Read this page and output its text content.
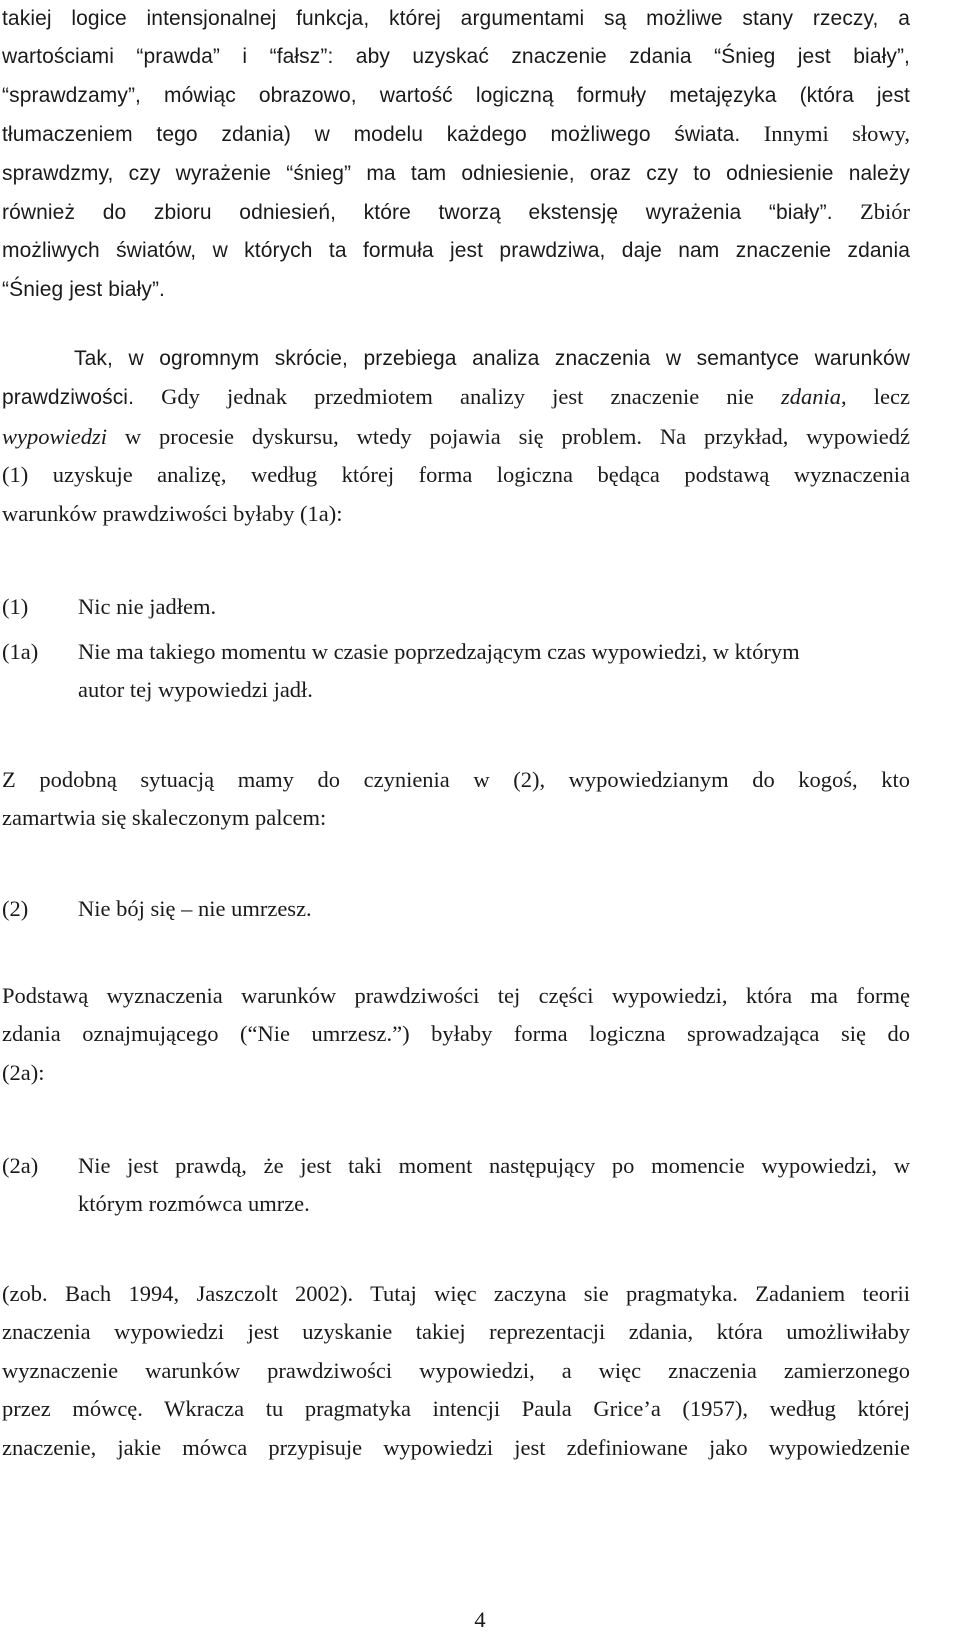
takiej logice intensjonalnej funkcja, której argumentami są możliwe stany rzeczy, a
wartościami “prawda” i “fałsz”: aby uzyskać znaczenie zdania “Śnieg jest biały”,
“sprawdzamy”, mówiąc obrazowo, wartość logiczną formuły metajęzyka (która jest
tłumaczeniem tego zdania) w modelu każdego możliwego świata. Innymi słowy,
sprawdzmy, czy wyrażenie “śnieg” ma tam odniesienie, oraz czy to odniesienie należy
również do zbioru odniesień, które tworzą ekstensję wyrażenia “biały”. Zbiór
możliwych światów, w których ta formuła jest prawdziwa, daje nam znaczenie zdania
“Śnieg jest biały”.
Tak, w ogromnym skrócie, przebiega analiza znaczenia w semantyce warunków
prawdziwości. Gdy jednak przedmiotem analizy jest znaczenie nie zdania, lecz
wypowiedzi w procesie dyskursu, wtedy pojawia się problem. Na przykład, wypowiedź
(1) uzyskuje analizę, według której forma logiczna będąca podstawą wyznaczenia
warunków prawdziwości byłaby (1a):
(1)	Nic nie jadłem.
(1a)	Nie ma takiego momentu w czasie poprzedzającym czas wypowiedzi, w którym
autor tej wypowiedzi jadł.
Z podobną sytuacją mamy do czynienia w (2), wypowiedzianym do kogoś, kto
zamartwia się skaleczonym palcem:
(2)	Nie bój się – nie umrzesz.
Podstawą wyznaczenia warunków prawdziwości tej części wypowiedzi, która ma formę
zdania oznajmującego (“Nie umrzesz.”) byłaby forma logiczna sprowadzająca się do
(2a):
(2a)	Nie jest prawdą, że jest taki moment następujący po momencie wypowiedzi, w
którym rozmówca umrze.
(zob. Bach 1994, Jaszczolt 2002). Tutaj więc zaczyna sie pragmatyka. Zadaniem teorii
znaczenia wypowiedzi jest uzyskanie takiej reprezentacji zdania, która umożliwiłaby
wyznaczenie warunków prawdziwości wypowiedzi, a więc znaczenia zamierzonego
przez mówcę. Wkracza tu pragmatyka intencji Paula Grice’a (1957), według której
znaczenie, jakie mówca przypisuje wypowiedzi jest zdefiniowane jako wypowiedzenie
4
